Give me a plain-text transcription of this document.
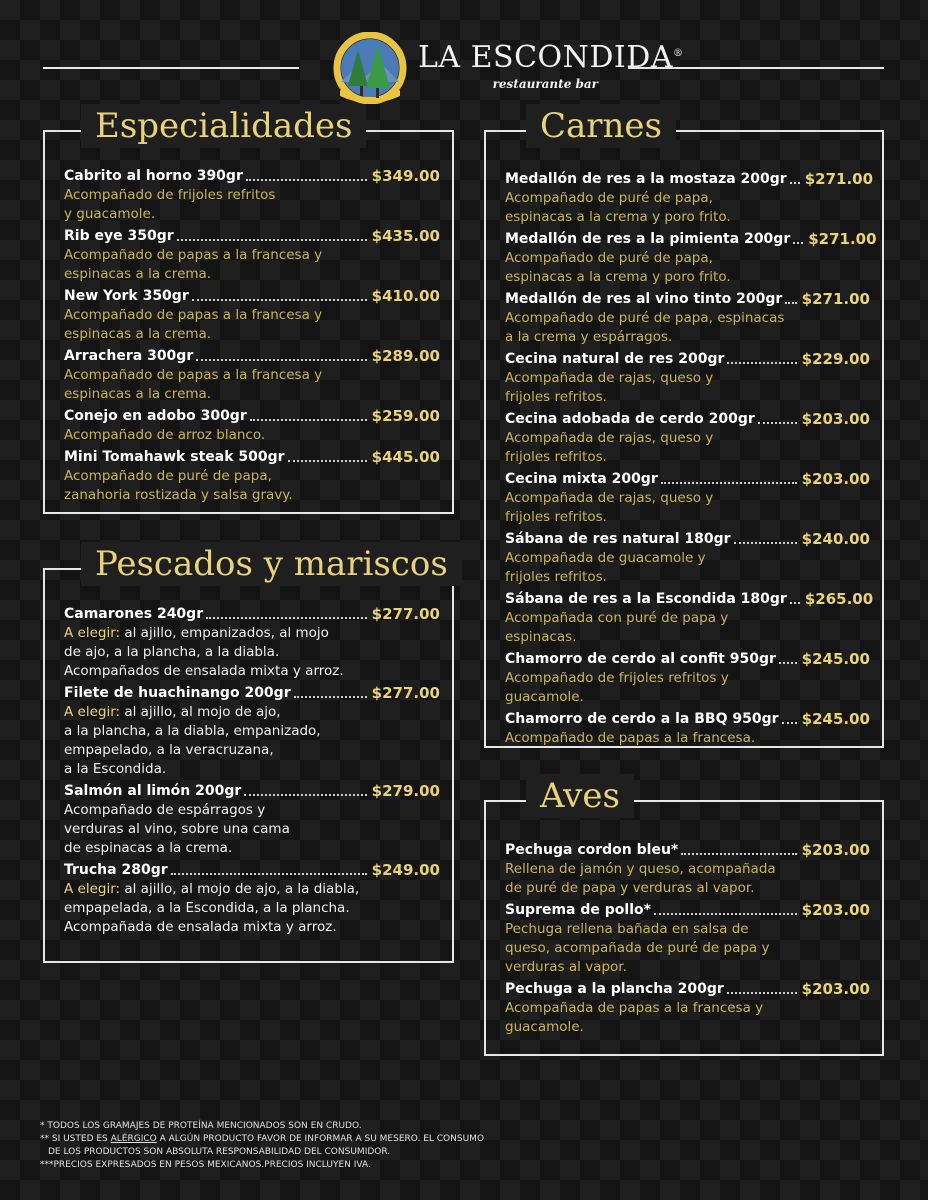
LA ESCONDIDA®
restaurante bar
Especialidades
Cabrito al horno 390gr	$349.00
Acompañado de frijoles refritos
y guacamole.
Rib eye 350gr	$435.00
Acompañado de papas a la francesa y
espinacas a la crema.
New York 350gr	$410.00
Acompañado de papas a la francesa y
espinacas a la crema.
Arrachera 300gr	$289.00
Acompañado de papas a la francesa y
espinacas a la crema.
Conejo en adobo 300gr	$259.00
Acompañado de arroz blanco.
Mini Tomahawk steak 500gr	$445.00
Acompañado de puré de papa,
zanahoria rostizada y salsa gravy.
Pescados y mariscos
Camarones 240gr	$277.00
A elegir: al ajillo, empanizados, al mojo
de ajo, a la plancha, a la diabla.
Acompañados de ensalada mixta y arroz.
Filete de huachinango 200gr	$277.00
A elegir: al ajillo, al mojo de ajo,
a la plancha, a la diabla, empanizado,
empapelado, a la veracruzana,
a la Escondida.
Salmón al limón 200gr	$279.00
Acompañado de espárragos y
verduras al vino, sobre una cama
de espinacas a la crema.
Trucha 280gr	$249.00
A elegir: al ajillo, al mojo de ajo, a la diabla,
empapelada, a la Escondida, a la plancha.
Acompañada de ensalada mixta y arroz.
Carnes
Medallón de res a la mostaza 200gr $271.00
Acompañado de puré de papa,
espinacas a la crema y poro frito.
Medallón de res a la pimienta 200gr $271.00
Acompañado de puré de papa,
espinacas a la crema y poro frito.
Medallón de res al vino tinto 200gr $271.00
Acompañado de puré de papa, espinacas
a la crema y espárragos.
Cecina natural de res 200gr	$229.00
Acompañada de rajas, queso y
frijoles refritos.
Cecina adobada de cerdo 200gr	$203.00
Acompañada de rajas, queso y
frijoles refritos.
Cecina mixta 200gr	$203.00
Acompañada de rajas, queso y
frijoles refritos.
Sábana de res natural 180gr	$240.00
Acompañada de guacamole y
frijoles refritos.
Sábana de res a la Escondida 180gr $265.00
Acompañada con puré de papa y
espinacas.
Chamorro de cerdo al confit 950gr $245.00
Acompañado de frijoles refritos y
guacamole.
Chamorro de cerdo a la BBQ 950gr $245.00
Acompañado de papas a la francesa.
Aves
Pechuga cordon bleu*	$203.00
Rellena de jamón y queso, acompañada
de puré de papa y verduras al vapor.
Suprema de pollo*	$203.00
Pechuga rellena bañada en salsa de
queso, acompañada de puré de papa y
verduras al vapor.
Pechuga a la plancha 200gr	$203.00
Acompañada de papas a la francesa y
guacamole.
* TODOS LOS GRAMAJES DE PROTEÍNA MENCIONADOS SON EN CRUDO.
** SI USTED ES ALÉRGICO A ALGÚN PRODUCTO FAVOR DE INFORMAR A SU MESERO. EL CONSUMO
DE LOS PRODUCTOS SON ABSOLUTA RESPONSABILIDAD DEL CONSUMIDOR.
***PRECIOS EXPRESADOS EN PESOS MEXICANOS.PRECIOS INCLUYEN IVA.
